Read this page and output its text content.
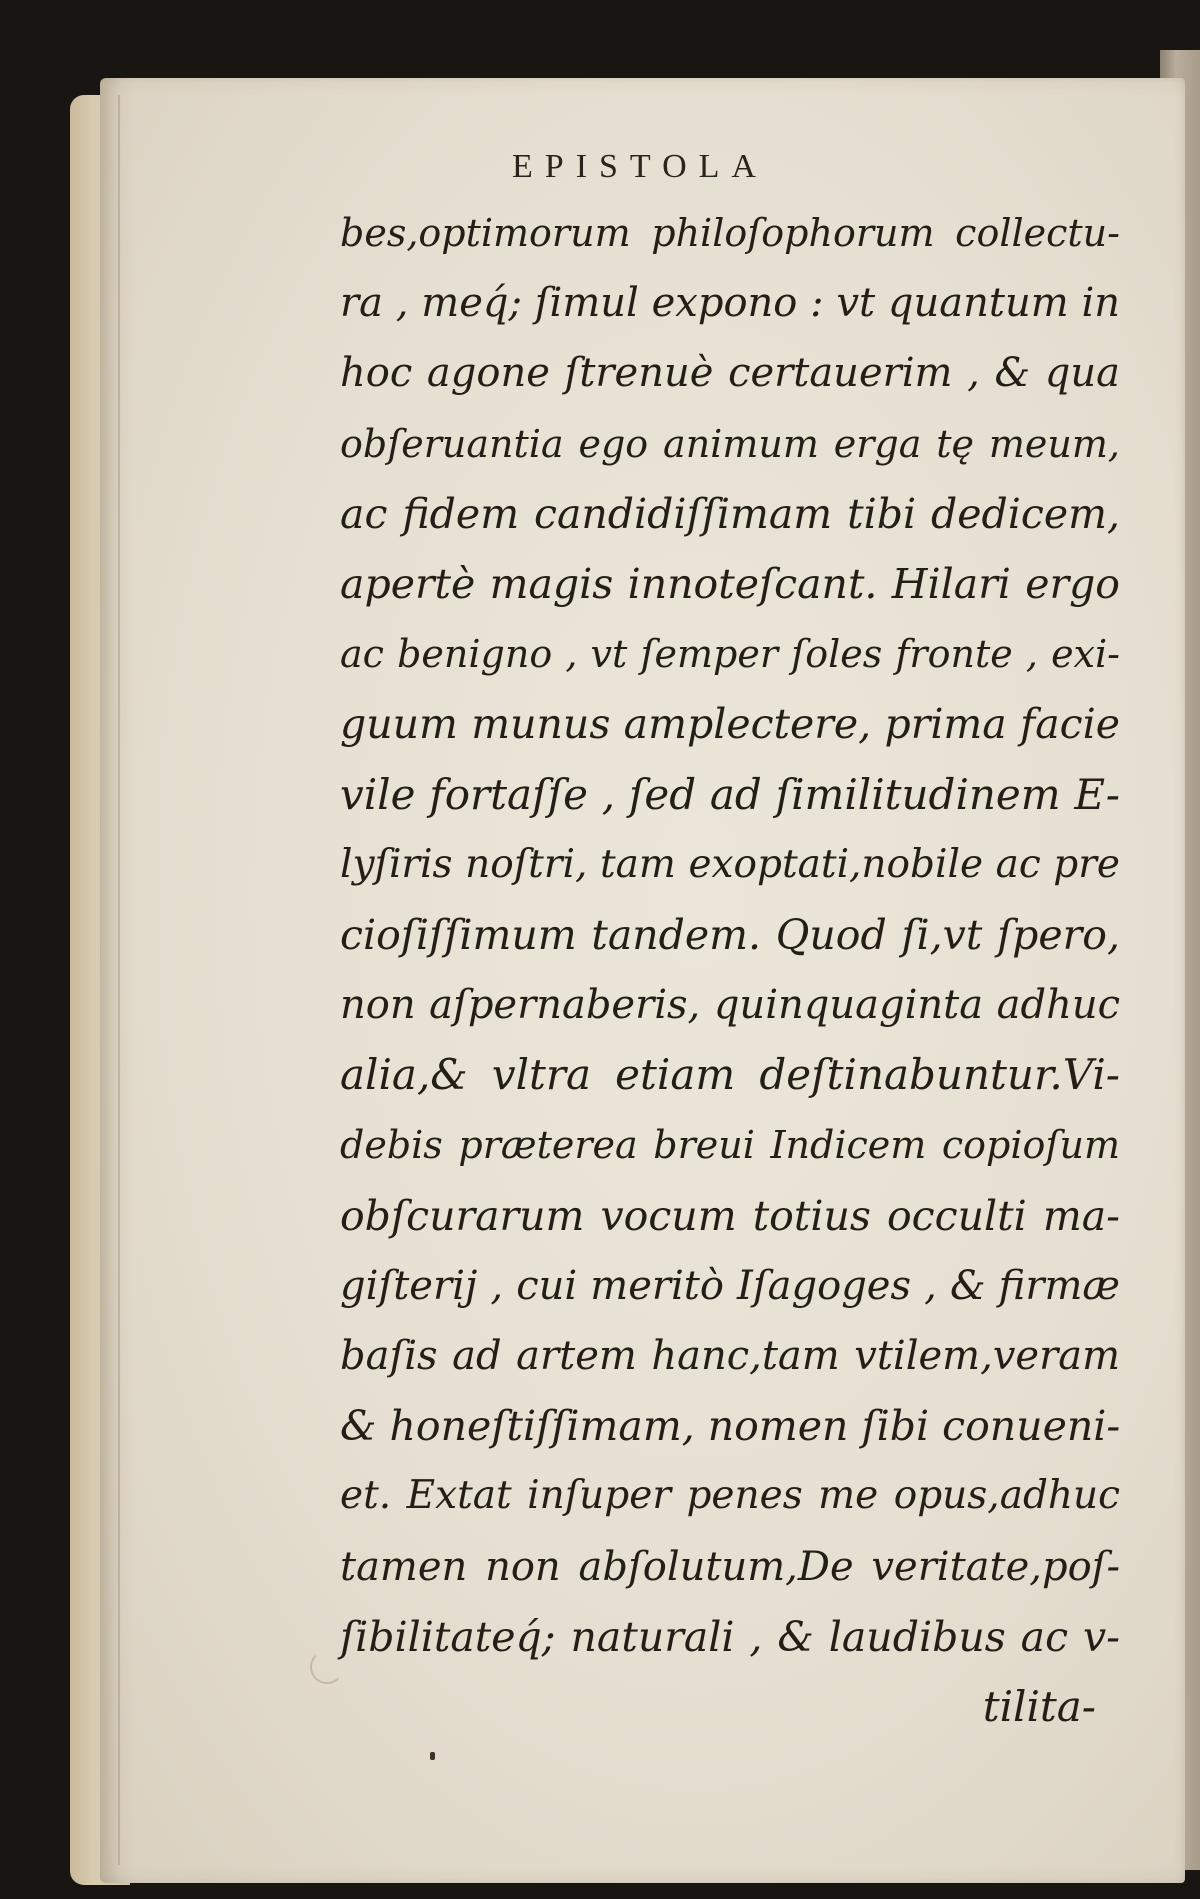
EPISTOLA
bes,optimorum philoſophorum collectu-
ra , meq́; ſimul expono : vt quantum in
hoc agone ſtrenuè certauerim , & qua
obſeruantia ego animum erga tę meum,
ac fidem candidiſſimam tibi dedicem,
apertè magis innoteſcant. Hilari ergo
ac benigno , vt ſemper ſoles fronte , exi-
guum munus amplectere, prima facie
vile fortaſſe , ſed ad ſimilitudinem E-
lyſiris noſtri, tam exoptati,nobile ac pre
cioſiſſimum tandem. Quod ſi,vt ſpero,
non aſpernaberis, quinquaginta adhuc
alia,& vltra etiam deſtinabuntur.Vi-
debis præterea breui Indicem copioſum
obſcurarum vocum totius occulti ma-
giſterij , cui meritò Iſagoges , & firmæ
baſis ad artem hanc,tam vtilem,veram
& honeſtiſſimam, nomen ſibi conueni-
et. Extat inſuper penes me opus,adhuc
tamen non abſolutum,De veritate,poſ-
ſibilitateq́; naturali , & laudibus ac v-
tilita-
